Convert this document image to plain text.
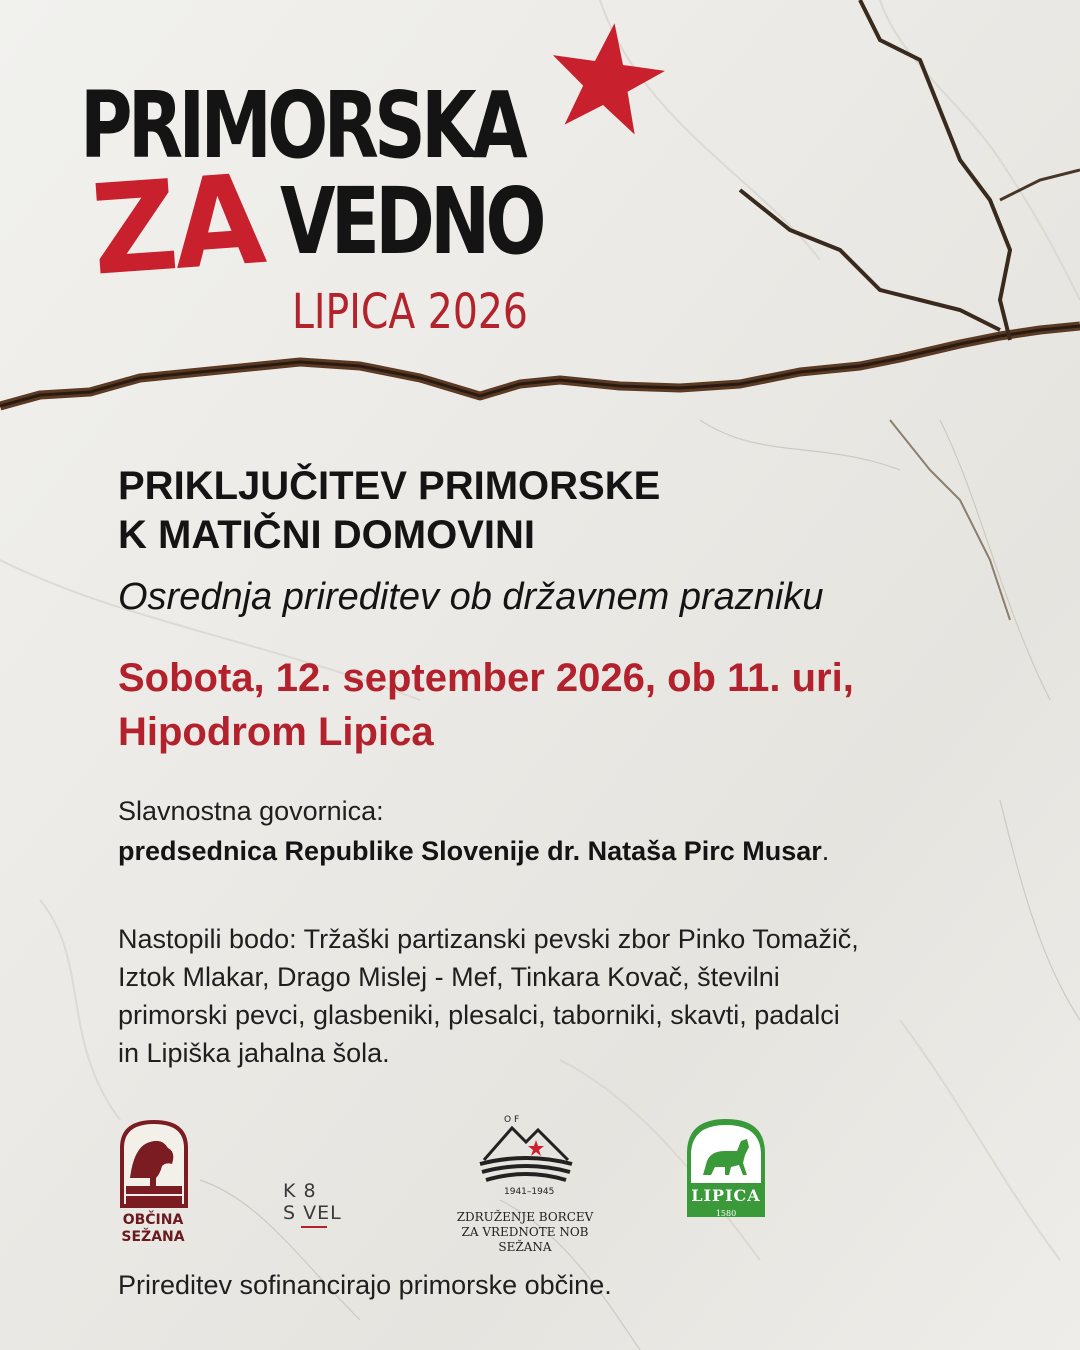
PRIMORSKA
ZA VEDNO
LIPICA 2026
PRIKLJUČITEV PRIMORSKE
K MATIČNI DOMOVINI
Osrednja prireditev ob državnem prazniku
Sobota, 12. september 2026, ob 11. uri,
Hipodrom Lipica
Slavnostna govornica:
predsednica Republike Slovenije dr. Nataša Pirc Musar.
Nastopili bodo: Tržaški partizanski pevski zbor Pinko Tomažič,
Iztok Mlakar, Drago Mislej - Mef, Tinkara Kovač, številni
primorski pevci, glasbeniki, plesalci, taborniki, skavti, padalci
in Lipiška jahalna šola.
OBČINA
SEŽANA
K 8
S VEL
O F
1941–1945
ZDRUŽENJE BORCEV
ZA VREDNOTE NOB
SEŽANA
1580
LIPICA
Prireditev sofinancirajo primorske občine.
